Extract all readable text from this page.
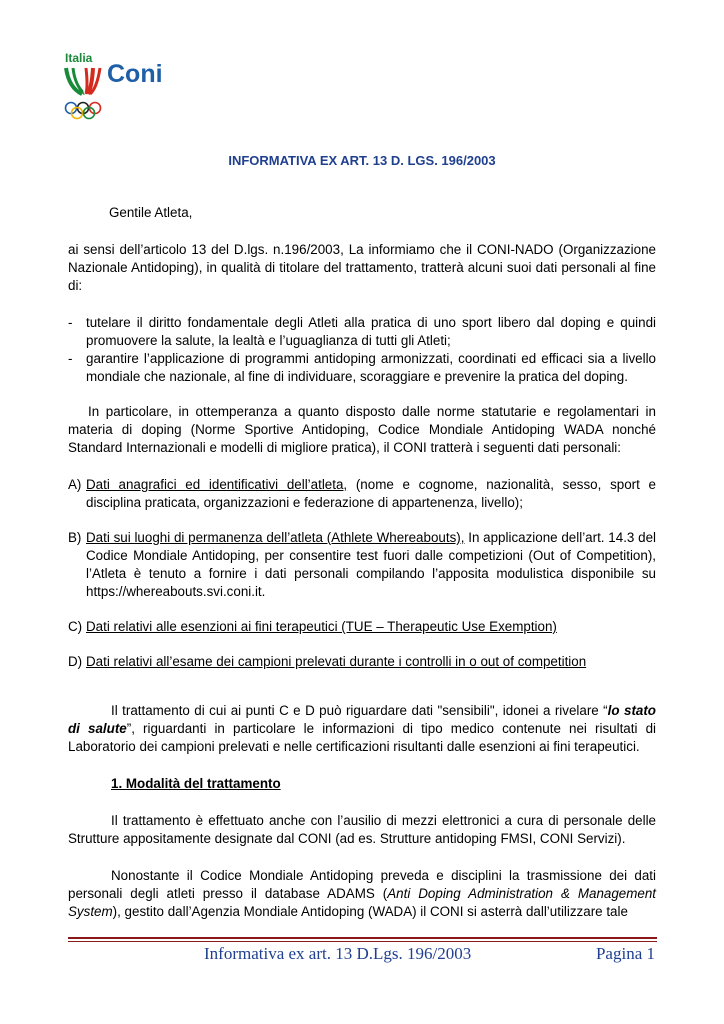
Italia
Coni

INFORMATIVA EX ART. 13 D. LGS. 196/2003

Gentile Atleta,

ai sensi dell’articolo 13 del D.lgs. n.196/2003, La informiamo che il CONI-NADO (Organizzazione Nazionale Antidoping), in qualità di titolare del trattamento, tratterà alcuni suoi dati personali al fine di:

- tutelare il diritto fondamentale degli Atleti alla pratica di uno sport libero dal doping e quindi promuovere la salute, la lealtà e l’uguaglianza di tutti gli Atleti;
- garantire l’applicazione di programmi antidoping armonizzati, coordinati ed efficaci sia a livello mondiale che nazionale, al fine di individuare, scoraggiare e prevenire la pratica del doping.

In particolare, in ottemperanza a quanto disposto dalle norme statutarie e regolamentari in materia di doping (Norme Sportive Antidoping, Codice Mondiale Antidoping WADA nonché Standard Internazionali e modelli di migliore pratica), il CONI tratterà i seguenti dati personali:

A) Dati anagrafici ed identificativi dell’atleta, (nome e cognome, nazionalità, sesso, sport e disciplina praticata, organizzazioni e federazione di appartenenza, livello);
B) Dati sui luoghi di permanenza dell’atleta (Athlete Whereabouts), In applicazione dell’art. 14.3 del Codice Mondiale Antidoping, per consentire test fuori dalle competizioni (Out of Competition), l’Atleta è tenuto a fornire i dati personali compilando l’apposita modulistica disponibile su https://whereabouts.svi.coni.it.
C) Dati relativi alle esenzioni ai fini terapeutici (TUE – Therapeutic Use Exemption)
D) Dati relativi all’esame dei campioni prelevati durante i controlli in o out of competition

Il trattamento di cui ai punti C e D può riguardare dati "sensibili", idonei a rivelare “lo stato di salute”, riguardanti in particolare le informazioni di tipo medico contenute nei risultati di Laboratorio dei campioni prelevati e nelle certificazioni risultanti dalle esenzioni ai fini terapeutici.

1. Modalità del trattamento

Il trattamento è effettuato anche con l’ausilio di mezzi elettronici a cura di personale delle Strutture appositamente designate dal CONI (ad es. Strutture antidoping FMSI, CONI Servizi).

Nonostante il Codice Mondiale Antidoping preveda e disciplini la trasmissione dei dati personali degli atleti presso il database ADAMS (Anti Doping Administration & Management System), gestito dall’Agenzia Mondiale Antidoping (WADA) il CONI si asterrà dall’utilizzare tale

Informativa ex art. 13 D.Lgs. 196/2003	Pagina 1
